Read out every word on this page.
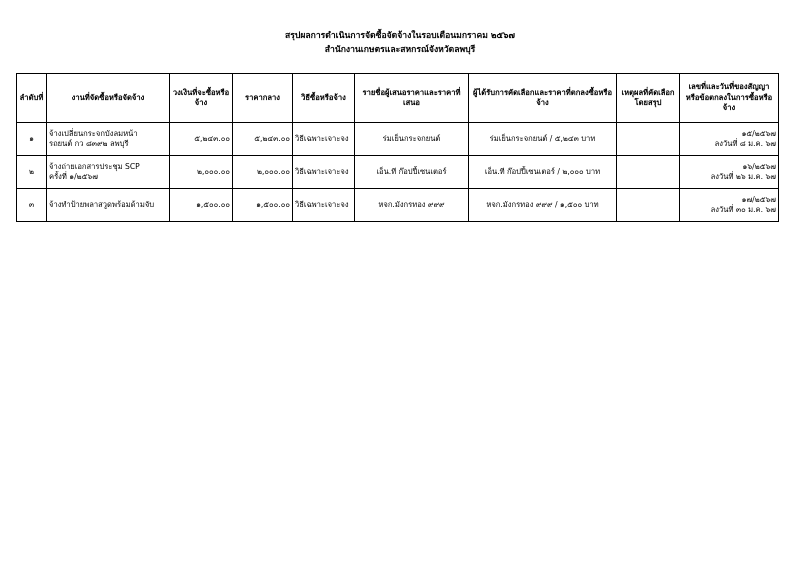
สรุปผลการดำเนินการจัดซื้อจัดจ้างในรอบเดือนมกราคม ๒๕๖๗
สำนักงานเกษตรและสหกรณ์จังหวัดลพบุรี
ลำดับที่	งานที่จัดซื้อหรือจัดจ้าง	วงเงินที่จะซื้อหรือจ้าง	ราคากลาง	วิธีซื้อหรือจ้าง	รายชื่อผู้เสนอราคาและราคาที่เสนอ	ผู้ได้รับการคัดเลือกและราคาที่ตกลงซื้อหรือจ้าง	เหตุผลที่คัดเลือกโดยสรุป	เลขที่และวันที่ของสัญญาหรือข้อตกลงในการซื้อหรือจ้าง
๑	จ้างเปลี่ยนกระจกบังลมหน้า
รถยนต์ กว ๘๓๙๒ ลพบุรี	๕,๒๔๓.๐๐	๕,๒๔๓.๐๐	วิธีเฉพาะเจาะจง	ร่มเย็นกระจกยนต์	ร่มเย็นกระจกยนต์ / ๕,๒๔๓ บาท		๑๕/๒๕๖๗
ลงวันที่ ๘ ม.ค. ๖๗

๒	จ้างถ่ายเอกสารประชุม SCP
ครั้งที่ ๑/๒๕๖๗	๒,๐๐๐.๐๐	๒,๐๐๐.๐๐	วิธีเฉพาะเจาะจง	เอ็น.ที ก๊อปปี้เซนเตอร์	เอ็น.ที ก๊อปปี้เซนเตอร์ / ๒,๐๐๐ บาท		๑๖/๒๕๖๗
ลงวันที่ ๒๖ ม.ค. ๖๗

๓	จ้างทำป้ายพลาสวูดพร้อมด้ามจับ	๑,๕๐๐.๐๐	๑,๕๐๐.๐๐	วิธีเฉพาะเจาะจง	หจก.มังกรทอง ๙๙๙	หจก.มังกรทอง ๙๙๙ / ๑,๕๐๐ บาท		๑๗/๒๕๖๗
ลงวันที่ ๓๐ ม.ค. ๖๗
